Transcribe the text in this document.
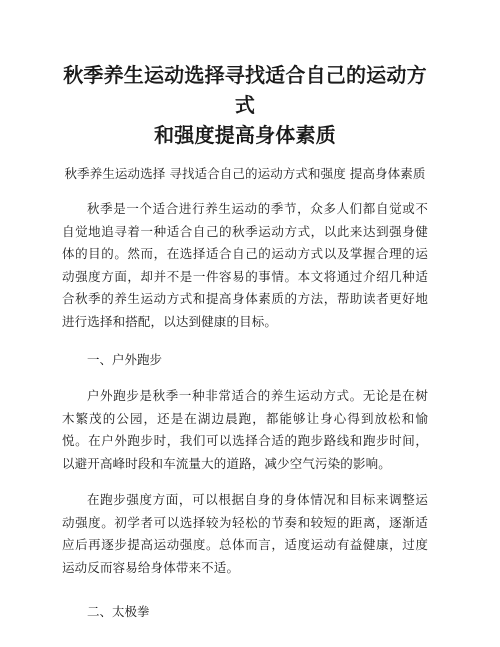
秋季养生运动选择寻找适合自己的运动方式
和强度提高身体素质
秋季养生运动选择 寻找适合自己的运动方式和强度 提高身体素质

秋季是一个适合进行养生运动的季节，众多人们都自觉或不自觉地追寻着一种适合自己的秋季运动方式，以此来达到强身健体的目的。然而，在选择适合自己的运动方式以及掌握合理的运动强度方面，却并不是一件容易的事情。本文将通过介绍几种适合秋季的养生运动方式和提高身体素质的方法，帮助读者更好地进行选择和搭配，以达到健康的目标。

一、户外跑步

户外跑步是秋季一种非常适合的养生运动方式。无论是在树木繁茂的公园，还是在湖边晨跑，都能够让身心得到放松和愉悦。在户外跑步时，我们可以选择合适的跑步路线和跑步时间，以避开高峰时段和车流量大的道路，减少空气污染的影响。

在跑步强度方面，可以根据自身的身体情况和目标来调整运动强度。初学者可以选择较为轻松的节奏和较短的距离，逐渐适应后再逐步提高运动强度。总体而言，适度运动有益健康，过度运动反而容易给身体带来不适。

二、太极拳
